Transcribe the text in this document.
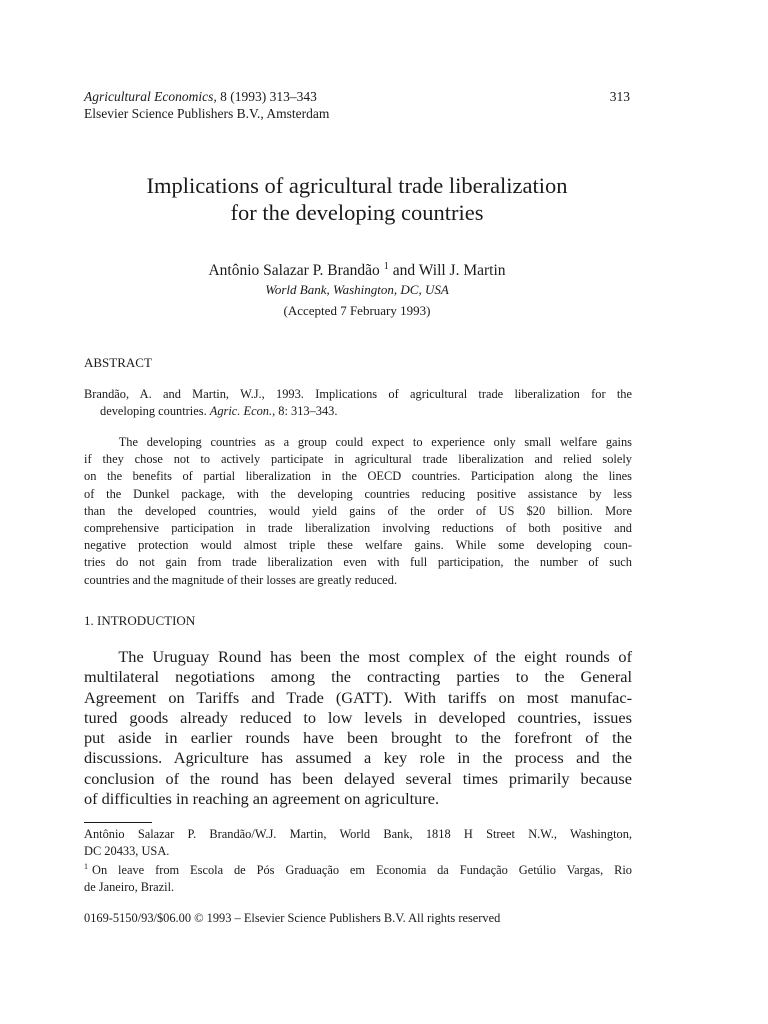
Agricultural Economics, 8 (1993) 313–343
Elsevier Science Publishers B.V., Amsterdam
313
Implications of agricultural trade liberalization
for the developing countries
Antônio Salazar P. Brandão $^1$ and Will J. Martin
World Bank, Washington, DC, USA
(Accepted 7 February 1993)
ABSTRACT
Brandão, A. and Martin, W.J., 1993. Implications of agricultural trade liberalization for the
developing countries. Agric. Econ., 8: 313–343.
The developing countries as a group could expect to experience only small welfare gains
if they chose not to actively participate in agricultural trade liberalization and relied solely
on the benefits of partial liberalization in the OECD countries. Participation along the lines
of the Dunkel package, with the developing countries reducing positive assistance by less
than the developed countries, would yield gains of the order of US $20 billion. More
comprehensive participation in trade liberalization involving reductions of both positive and
negative protection would almost triple these welfare gains. While some developing coun-
tries do not gain from trade liberalization even with full participation, the number of such
countries and the magnitude of their losses are greatly reduced.
1. INTRODUCTION
The Uruguay Round has been the most complex of the eight rounds of
multilateral negotiations among the contracting parties to the General
Agreement on Tariffs and Trade (GATT). With tariffs on most manufac-
tured goods already reduced to low levels in developed countries, issues
put aside in earlier rounds have been brought to the forefront of the
discussions. Agriculture has assumed a key role in the process and the
conclusion of the round has been delayed several times primarily because
of difficulties in reaching an agreement on agriculture.
Antônio Salazar P. Brandão/W.J. Martin, World Bank, 1818 H Street N.W., Washington,
DC 20433, USA.
$^1$ On leave from Escola de Pós Graduação em Economia da Fundação Getúlio Vargas, Rio
de Janeiro, Brazil.
0169-5150/93/$06.00 © 1993 – Elsevier Science Publishers B.V. All rights reserved
